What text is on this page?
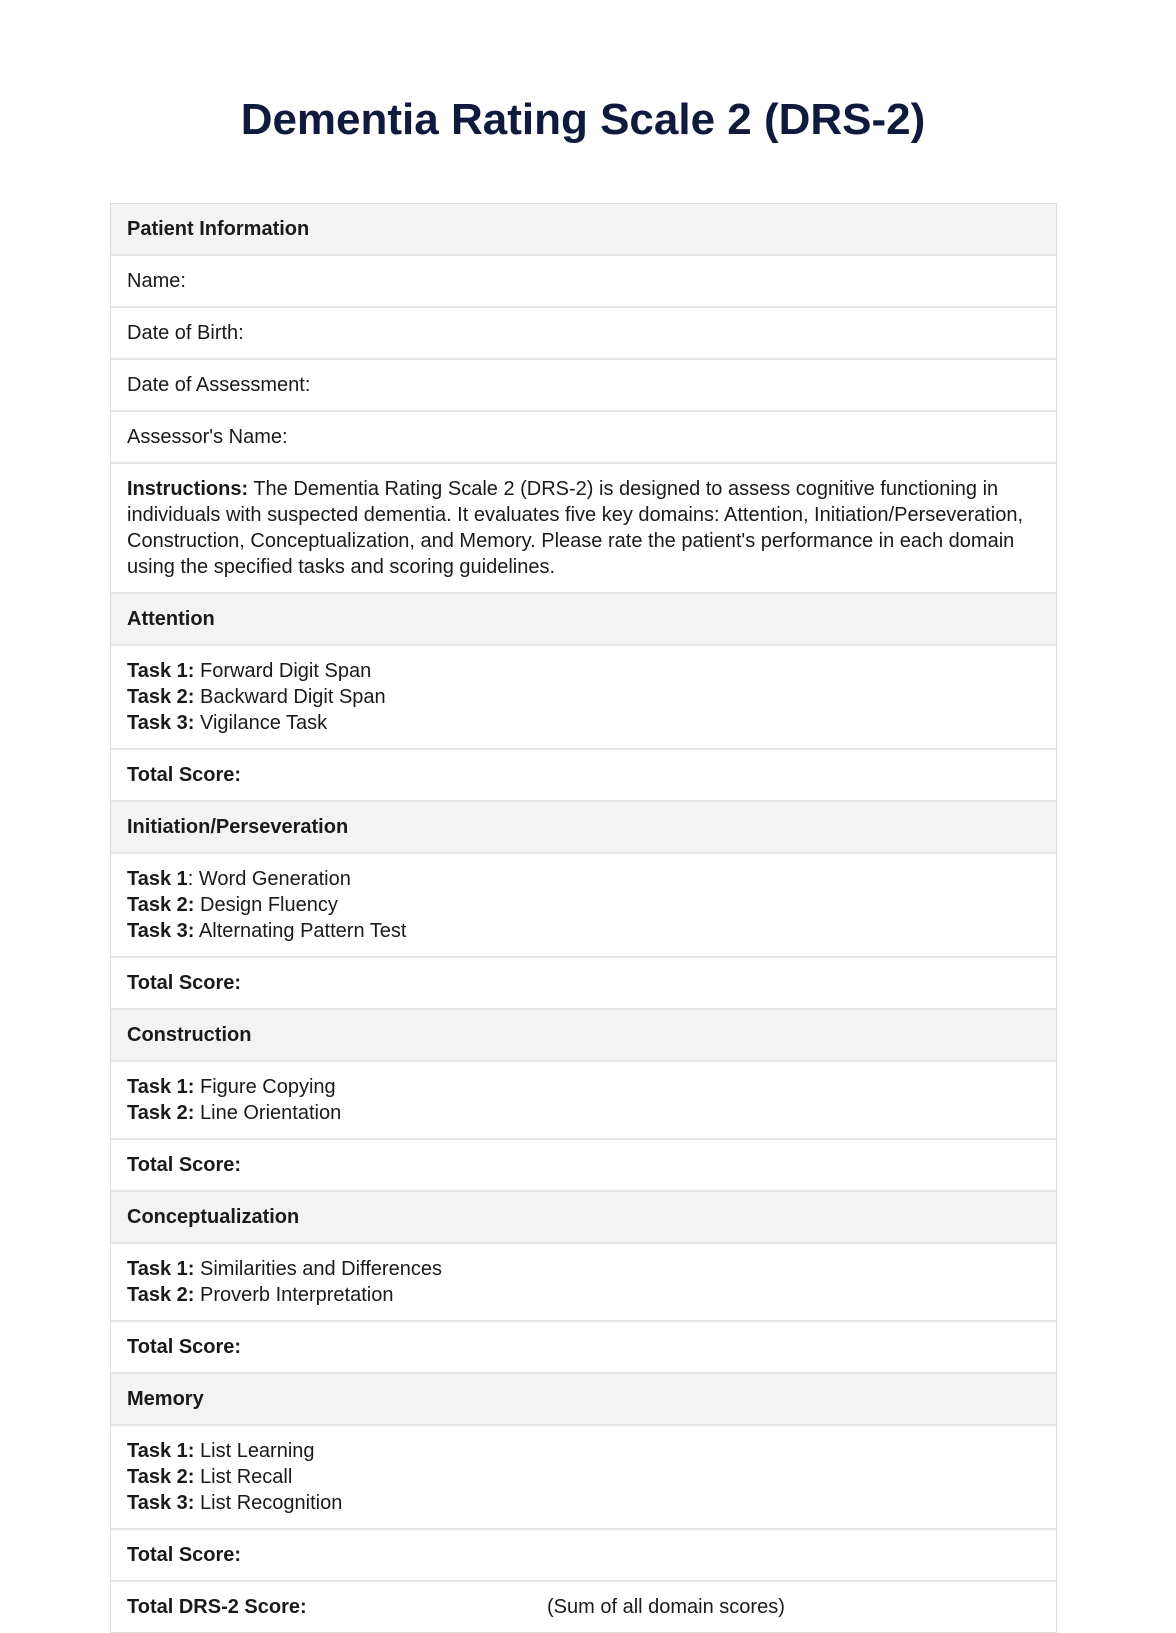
Dementia Rating Scale 2 (DRS-2)
Patient Information
Name:
Date of Birth:
Date of Assessment:
Assessor's Name:
Instructions: The Dementia Rating Scale 2 (DRS-2) is designed to assess cognitive functioning in individuals with suspected dementia. It evaluates five key domains: Attention, Initiation/Perseveration, Construction, Conceptualization, and Memory. Please rate the patient's performance in each domain using the specified tasks and scoring guidelines.
Attention
Task 1: Forward Digit Span
Task 2: Backward Digit Span
Task 3: Vigilance Task
Total Score:
Initiation/Perseveration
Task 1: Word Generation
Task 2: Design Fluency
Task 3: Alternating Pattern Test
Total Score:
Construction
Task 1: Figure Copying
Task 2: Line Orientation
Total Score:
Conceptualization
Task 1: Similarities and Differences
Task 2: Proverb Interpretation
Total Score:
Memory
Task 1: List Learning
Task 2: List Recall
Task 3: List Recognition
Total Score:
Total DRS-2 Score:	(Sum of all domain scores)
